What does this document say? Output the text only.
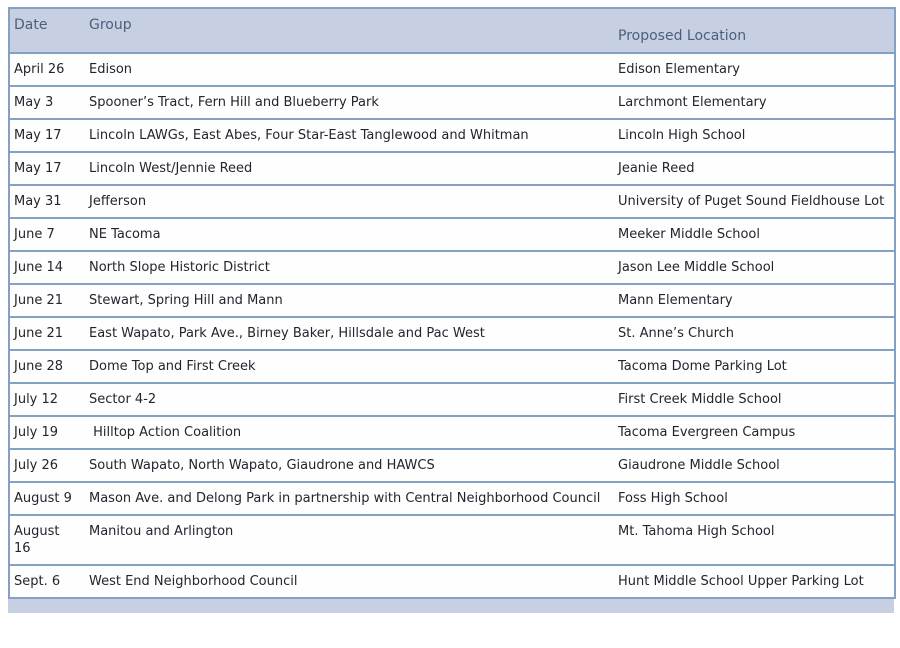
Date	Group	Proposed Location
April 26	Edison	Edison Elementary
May 3	Spooner’s Tract, Fern Hill and Blueberry Park	Larchmont Elementary
May 17	Lincoln LAWGs, East Abes, Four Star-East Tanglewood and Whitman	Lincoln High School
May 17	Lincoln West/Jennie Reed	Jeanie Reed
May 31	Jefferson	University of Puget Sound Fieldhouse Lot
June 7	NE Tacoma	Meeker Middle School
June 14	North Slope Historic District	Jason Lee Middle School
June 21	Stewart, Spring Hill and Mann	Mann Elementary
June 21	East Wapato, Park Ave., Birney Baker, Hillsdale and Pac West	St. Anne’s Church
June 28	Dome Top and First Creek	Tacoma Dome Parking Lot
July 12	Sector 4-2	First Creek Middle School
July 19	Hilltop Action Coalition	Tacoma Evergreen Campus
July 26	South Wapato, North Wapato, Giaudrone and HAWCS	Giaudrone Middle School
August 9	Mason Ave. and Delong Park in partnership with Central Neighborhood Council	Foss High School
August 16	Manitou and Arlington	Mt. Tahoma High School
Sept. 6	West End Neighborhood Council	Hunt Middle School Upper Parking Lot
